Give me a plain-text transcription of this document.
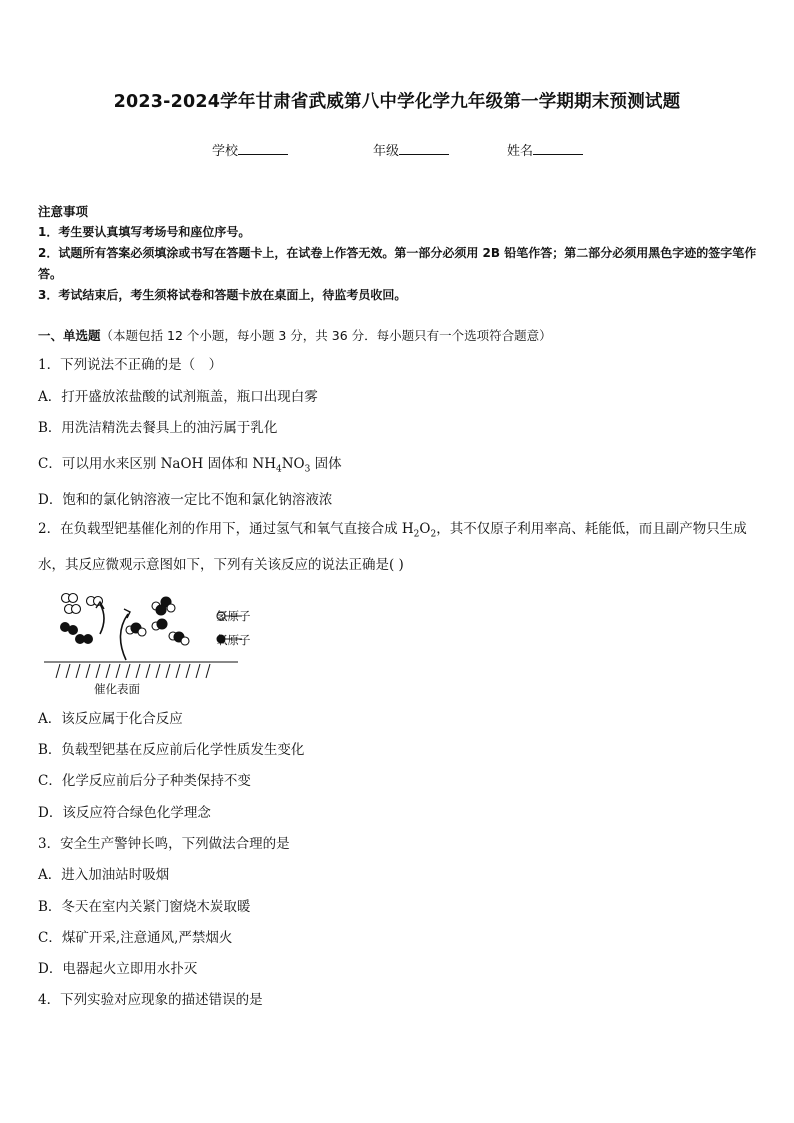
2023-2024学年甘肃省武威第八中学化学九年级第一学期期末预测试题
学校	年级	姓名
注意事项
1．考生要认真填写考场号和座位序号。
2．试题所有答案必须填涂或书写在答题卡上，在试卷上作答无效。第一部分必须用 2B 铅笔作答；第二部分必须用黑色字迹的签字笔作答。
3．考试结束后，考生须将试卷和答题卡放在桌面上，待监考员收回。
一、单选题（本题包括 12 个小题，每小题 3 分，共 36 分．每小题只有一个选项符合题意）
1．下列说法不正确的是（　）
A．打开盛放浓盐酸的试剂瓶盖，瓶口出现白雾
B．用洗洁精洗去餐具上的油污属于乳化
C．可以用水来区别 NaOH 固体和 $NH_4NO_3$ 固体
D．饱和的氯化钠溶液一定比不饱和氯化钠溶液浓
2．在负载型钯基催化剂的作用下，通过氢气和氧气直接合成 $H_2O_2$，其不仅原子利用率高、耗能低，而且副产物只生成水，其反应微观示意图如下，下列有关该反应的说法正确是( )
氢原子
氧原子
催化表面
A．该反应属于化合反应
B．负载型钯基在反应前后化学性质发生变化
C．化学反应前后分子种类保持不变
D．该反应符合绿色化学理念
3．安全生产警钟长鸣，下列做法合理的是
A．进入加油站时吸烟
B．冬天在室内关紧门窗烧木炭取暖
C．煤矿开采,注意通风,严禁烟火
D．电器起火立即用水扑灭
4．下列实验对应现象的描述错误的是
